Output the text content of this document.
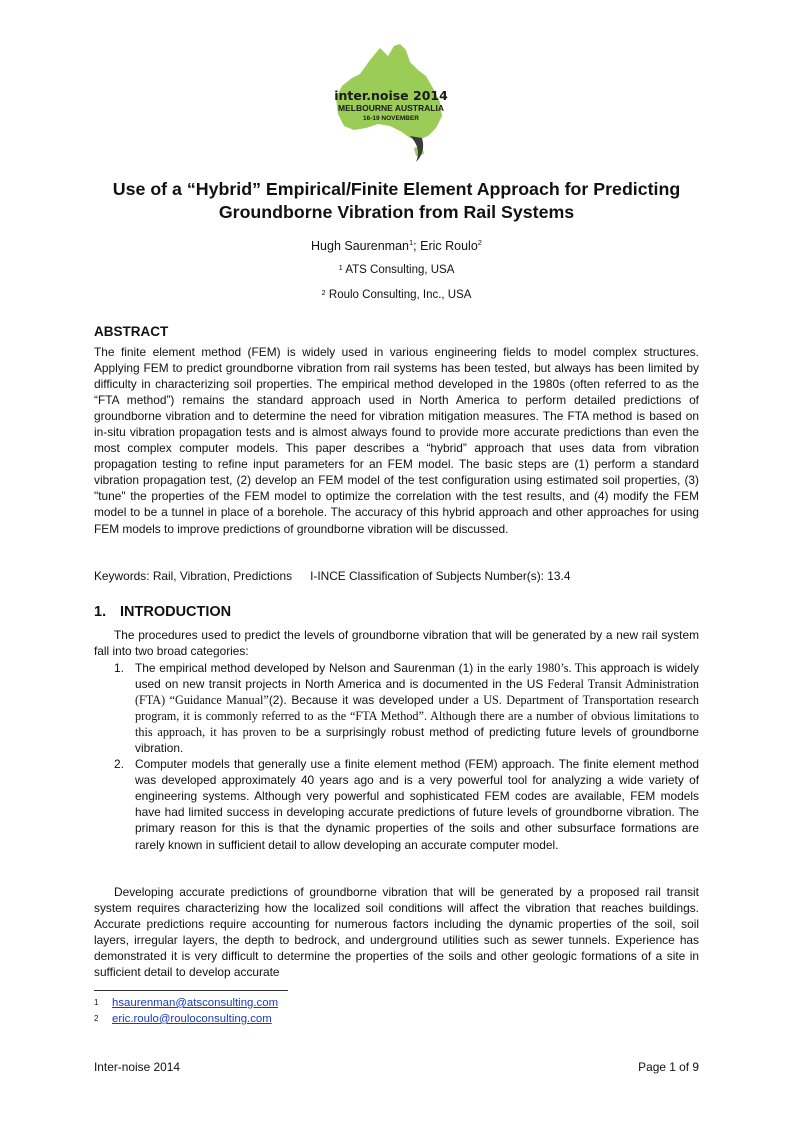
inter.noise 2014
MELBOURNE AUSTRALIA
16-19 NOVEMBER
Use of a “Hybrid” Empirical/Finite Element Approach for Predicting
Groundborne Vibration from Rail Systems
Hugh Saurenman$^1$; Eric Roulo$^2$
$^1$ ATS Consulting, USA
$^2$ Roulo Consulting, Inc., USA
ABSTRACT

The finite element method (FEM) is widely used in various engineering fields to model complex structures. Applying FEM to predict groundborne vibration from rail systems has been tested, but always has been limited by difficulty in characterizing soil properties. The empirical method developed in the 1980s (often referred to as the “FTA method”) remains the standard approach used in North America to perform detailed predictions of groundborne vibration and to determine the need for vibration mitigation measures. The FTA method is based on in-situ vibration propagation tests and is almost always found to provide more accurate predictions than even the most complex computer models. This paper describes a “hybrid” approach that uses data from vibration propagation testing to refine input parameters for an FEM model. The basic steps are (1) perform a standard vibration propagation test, (2) develop an FEM model of the test configuration using estimated soil properties, (3) "tune" the properties of the FEM model to optimize the correlation with the test results, and (4) modify the FEM model to be a tunnel in place of a borehole. The accuracy of this hybrid approach and other approaches for using FEM models to improve predictions of groundborne vibration will be discussed.

Keywords: Rail, Vibration, Predictions I-INCE Classification of Subjects Number(s): 13.4
1. INTRODUCTION

The procedures used to predict the levels of groundborne vibration that will be generated by a new rail system fall into two broad categories:

1. The empirical method developed by Nelson and Saurenman (1) in the early 1980’s. This approach is widely used on new transit projects in North America and is documented in the US Federal Transit Administration (FTA) “Guidance Manual”(2). Because it was developed under a US. Department of Transportation research program, it is commonly referred to as the “FTA Method”. Although there are a number of obvious limitations to this approach, it has proven to be a surprisingly robust method of predicting future levels of groundborne vibration.
2. Computer models that generally use a finite element method (FEM) approach. The finite element method was developed approximately 40 years ago and is a very powerful tool for analyzing a wide variety of engineering systems. Although very powerful and sophisticated FEM codes are available, FEM models have had limited success in developing accurate predictions of future levels of groundborne vibration. The primary reason for this is that the dynamic properties of the soils and other subsurface formations are rarely known in sufficient detail to allow developing an accurate computer model.

Developing accurate predictions of groundborne vibration that will be generated by a proposed rail transit system requires characterizing how the localized soil conditions will affect the vibration that reaches buildings. Accurate predictions require accounting for numerous factors including the dynamic properties of the soil, soil layers, irregular layers, the depth to bedrock, and underground utilities such as sewer tunnels. Experience has demonstrated it is very difficult to determine the properties of the soils and other geologic formations of a site in sufficient detail to develop accurate

1 hsaurenman@atsconsulting.com
2 eric.roulo@rouloconsulting.com
Inter-noise 2014	Page 1 of 9
